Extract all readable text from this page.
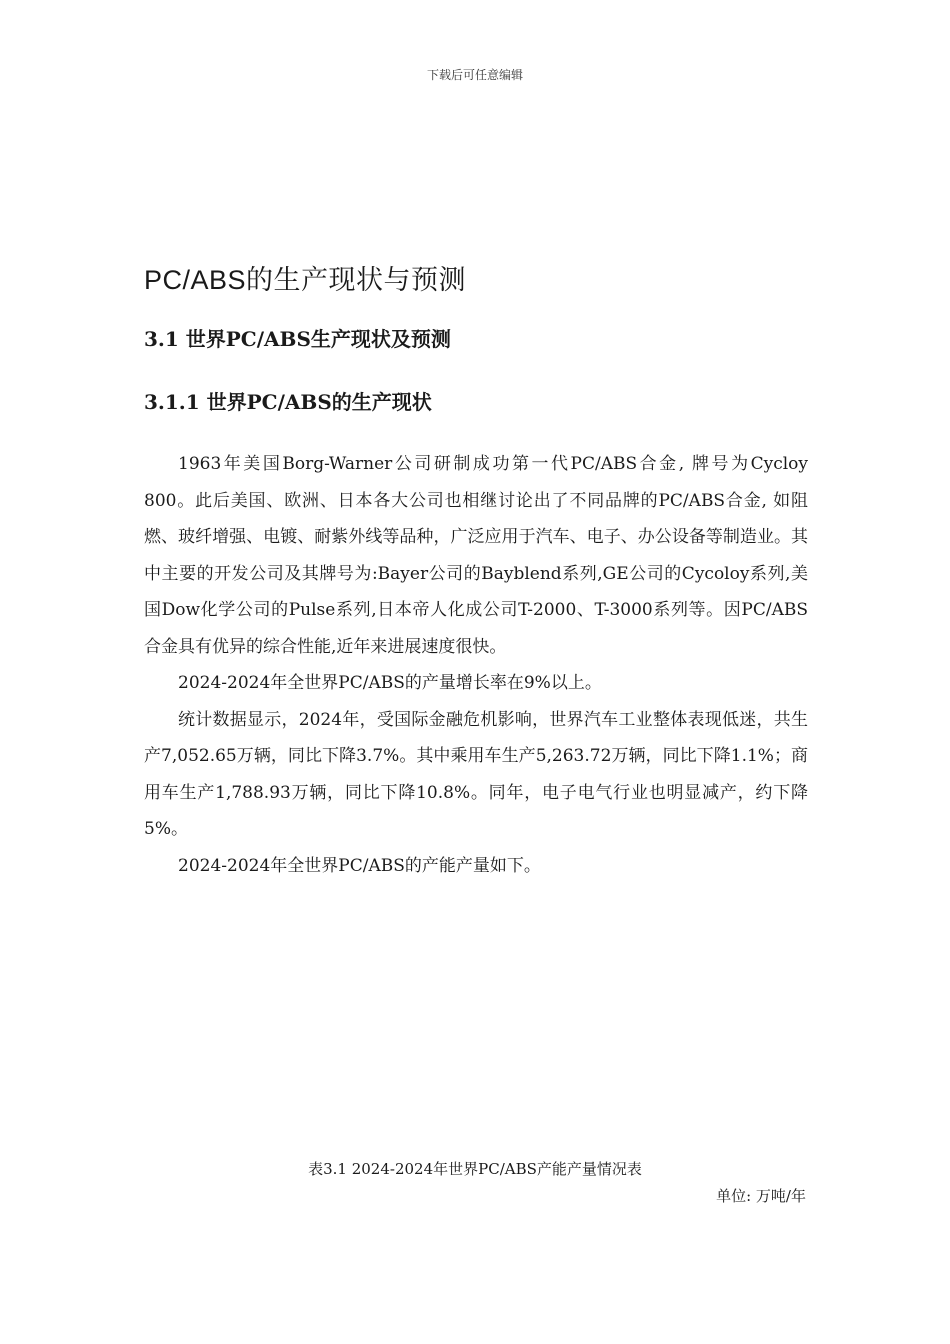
下载后可任意编辑
PC/ABS的生产现状与预测
3.1 世界PC/ABS生产现状及预测
3.1.1 世界PC/ABS的生产现状

1963年美国Borg-Warner公司研制成功第一代PC/ABS合金, 牌号为Cycloy 800。此后美国、欧洲、日本各大公司也相继讨论出了不同品牌的PC/ABS合金, 如阻燃、玻纤增强、电镀、耐紫外线等品种，广泛应用于汽车、电子、办公设备等制造业。其中主要的开发公司及其牌号为:Bayer公司的Bayblend系列,GE公司的Cycoloy系列,美国Dow化学公司的Pulse系列,日本帝人化成公司T-2000、T-3000系列等。因PC/ABS合金具有优异的综合性能,近年来进展速度很快。

2024-2024年全世界PC/ABS的产量增长率在9%以上。

统计数据显示，2024年，受国际金融危机影响，世界汽车工业整体表现低迷，共生产7,052.65万辆，同比下降3.7%。其中乘用车生产5,263.72万辆，同比下降1.1%；商用车生产1,788.93万辆，同比下降10.8%。同年，电子电气行业也明显减产，约下降5%。

2024-2024年全世界PC/ABS的产能产量如下。

表3.1 2024-2024年世界PC/ABS产能产量情况表
单位: 万吨/年
